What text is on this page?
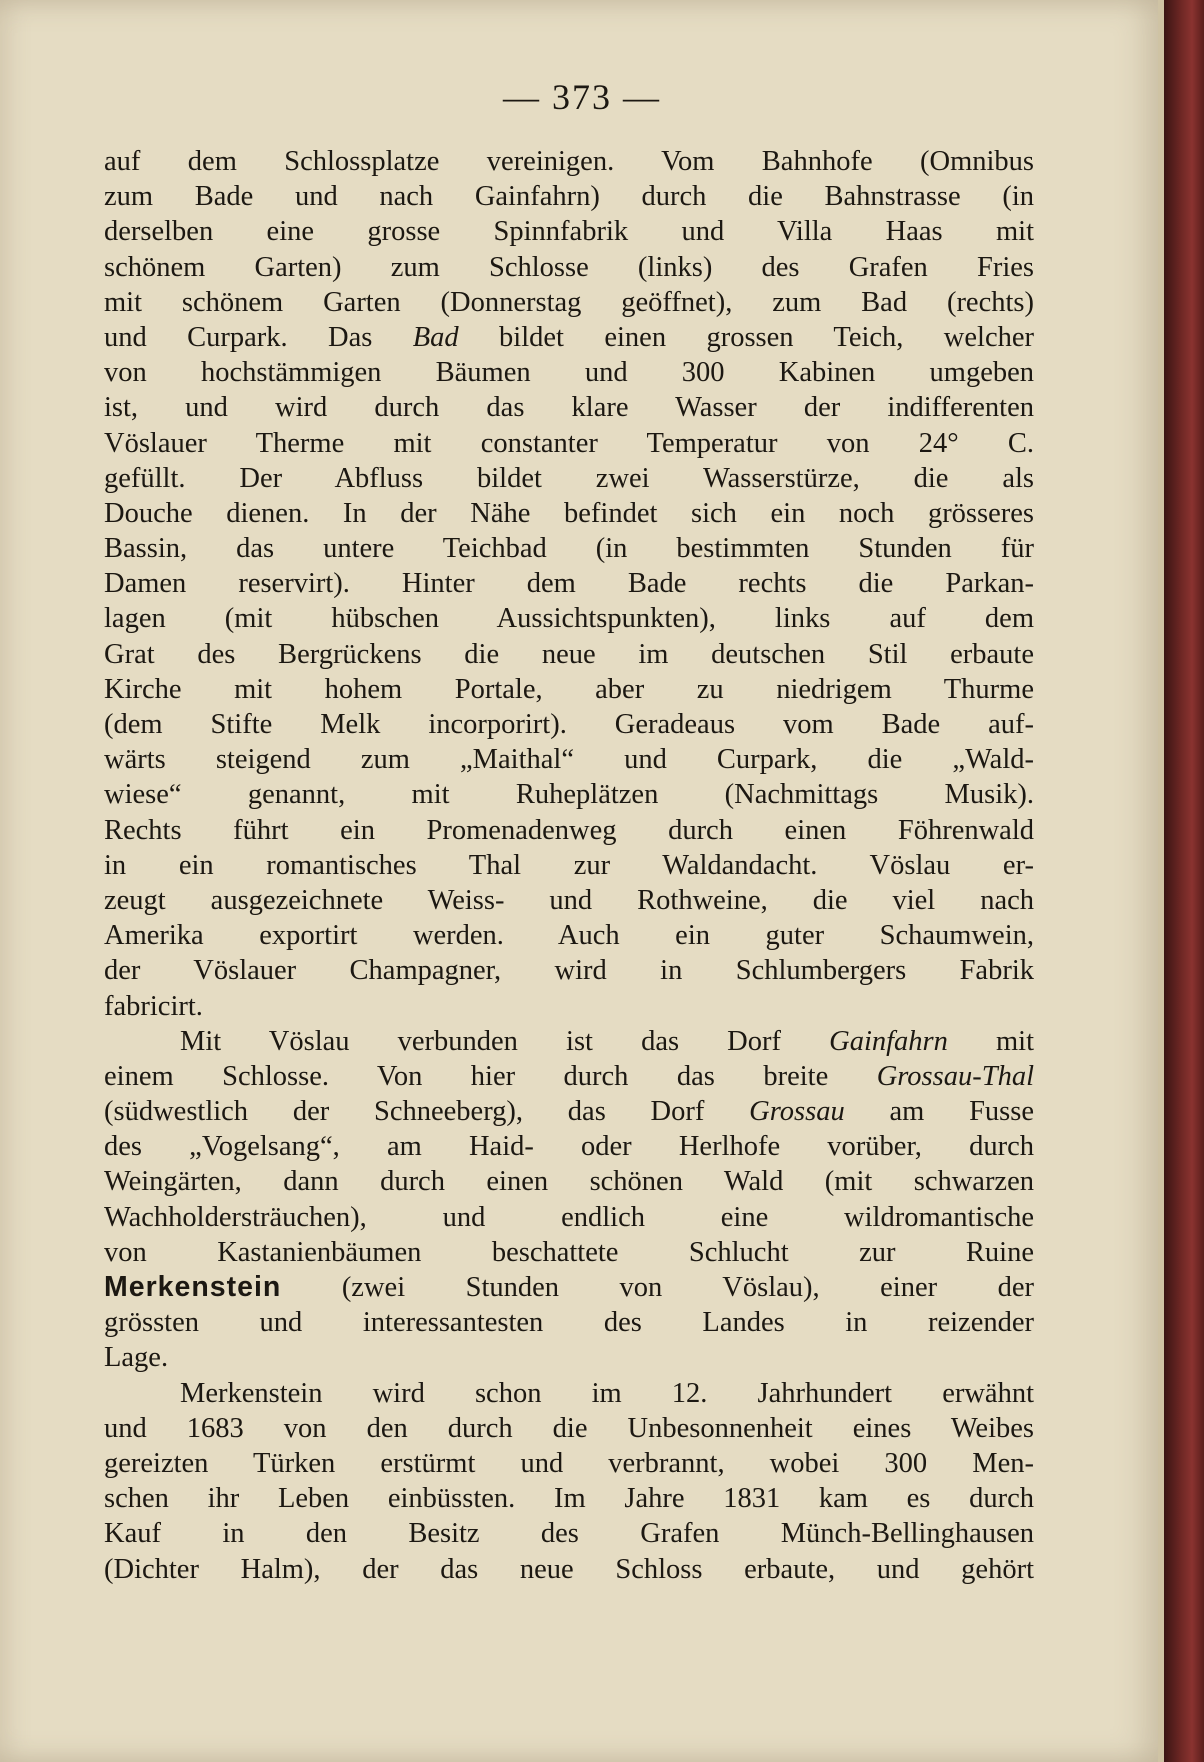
— 373 —
auf dem Schlossplatze vereinigen. Vom Bahnhofe (Omnibus
zum Bade und nach Gainfahrn) durch die Bahnstrasse (in
derselben eine grosse Spinnfabrik und Villa Haas mit
schönem Garten) zum Schlosse (links) des Grafen Fries
mit schönem Garten (Donnerstag geöffnet), zum Bad (rechts)
und Curpark. Das Bad bildet einen grossen Teich, welcher
von hochstämmigen Bäumen und 300 Kabinen umgeben
ist, und wird durch das klare Wasser der indifferenten
Vöslauer Therme mit constanter Temperatur von 24° C.
gefüllt. Der Abfluss bildet zwei Wasserstürze, die als
Douche dienen. In der Nähe befindet sich ein noch grösseres
Bassin, das untere Teichbad (in bestimmten Stunden für
Damen reservirt). Hinter dem Bade rechts die Parkan-
lagen (mit hübschen Aussichtspunkten), links auf dem
Grat des Bergrückens die neue im deutschen Stil erbaute
Kirche mit hohem Portale, aber zu niedrigem Thurme
(dem Stifte Melk incorporirt). Geradeaus vom Bade auf-
wärts steigend zum „Maithal“ und Curpark, die „Wald-
wiese“ genannt, mit Ruheplätzen (Nachmittags Musik).
Rechts führt ein Promenadenweg durch einen Föhrenwald
in ein romantisches Thal zur Waldandacht. Vöslau er-
zeugt ausgezeichnete Weiss- und Rothweine, die viel nach
Amerika exportirt werden. Auch ein guter Schaumwein,
der Vöslauer Champagner, wird in Schlumbergers Fabrik
fabricirt.
Mit Vöslau verbunden ist das Dorf Gainfahrn mit
einem Schlosse. Von hier durch das breite Grossau-Thal
(südwestlich der Schneeberg), das Dorf Grossau am Fusse
des „Vogelsang“, am Haid- oder Herlhofe vorüber, durch
Weingärten, dann durch einen schönen Wald (mit schwarzen
Wachholdersträuchen), und endlich eine wildromantische
von Kastanienbäumen beschattete Schlucht zur Ruine
Merkenstein (zwei Stunden von Vöslau), einer der
grössten und interessantesten des Landes in reizender
Lage.
Merkenstein wird schon im 12. Jahrhundert erwähnt
und 1683 von den durch die Unbesonnenheit eines Weibes
gereizten Türken erstürmt und verbrannt, wobei 300 Men-
schen ihr Leben einbüssten. Im Jahre 1831 kam es durch
Kauf in den Besitz des Grafen Münch-Bellinghausen
(Dichter Halm), der das neue Schloss erbaute, und gehört
